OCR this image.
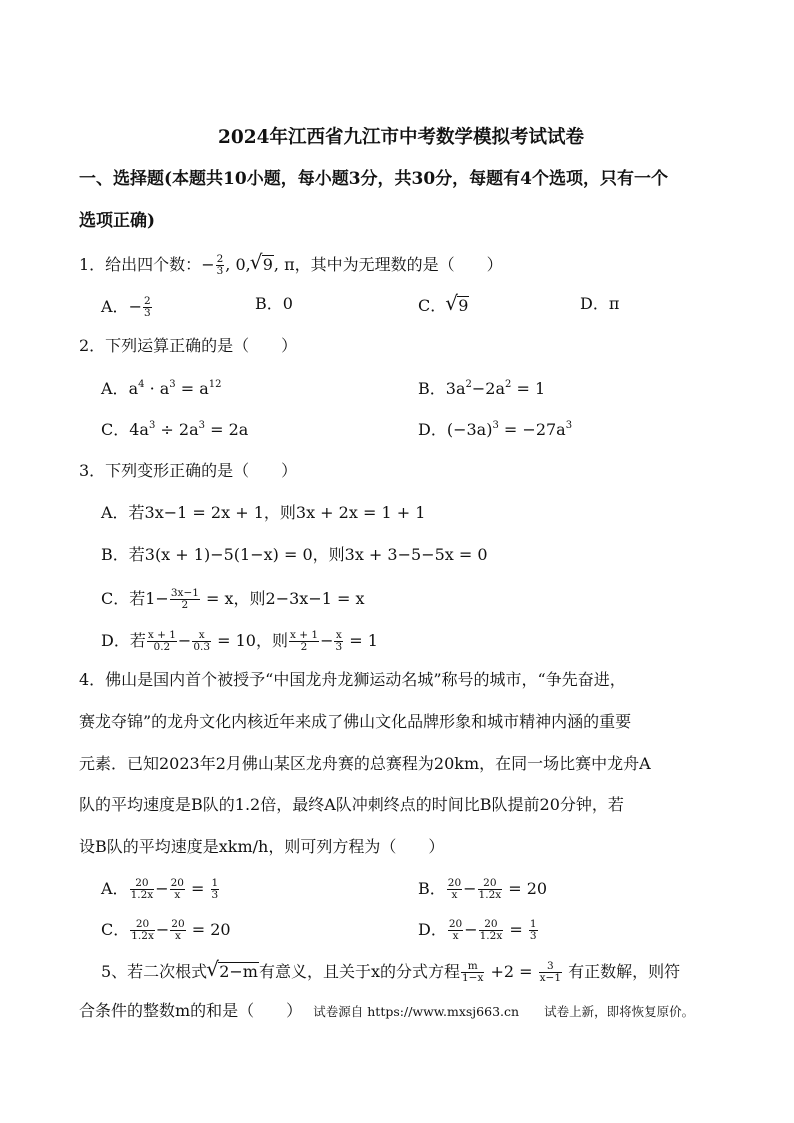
2024年江西省九江市中考数学模拟考试试卷
一、选择题(本题共10小题，每小题3分，共30分，每题有4个选项，只有一个
选项正确)
1．给出四个数：− $\frac{2}{3}$ , 0, √ 9, π，其中为无理数的是（　　）
A．− $\frac{2}{3}$	B．0	C． √ 9	D．π
2．下列运算正确的是（　　）
A．$a^4 \cdot a^3 = a^{12}$	B．$3a^2-2a^2 = 1$
C．$4a^3 \div 2a^3 = 2a$	D．$(-3a)^3 = -27a^3$
3．下列变形正确的是（　　）
A．若3x−1 = 2x + 1，则3x + 2x = 1 + 1
B．若3(x + 1)−5(1−x) = 0，则3x + 3−5−5x = 0
C．若$1- \frac{3x-1}{2} = x$，则2−3x−1 = x
D．若 $\frac{x + 1}{0.2} - \frac{x}{0.3} = 10$，则 $\frac{x + 1}{2} - \frac{x}{3} = 1$
4．佛山是国内首个被授予“中国龙舟龙狮运动名城”称号的城市，“争先奋进，
赛龙夺锦”的龙舟文化内核近年来成了佛山文化品牌形象和城市精神内涵的重要
元素．已知2023年2月佛山某区龙舟赛的总赛程为20km，在同一场比赛中龙舟A
队的平均速度是B队的1.2倍，最终A队冲刺终点的时间比B队提前20分钟，若
设B队的平均速度是xkm/h，则可列方程为（　　）
A． $\frac{20}{1.2x} - \frac{20}{x} = \frac{1}{3}$	B． $\frac{20}{x} - \frac{20}{1.2x} = 20$
C． $\frac{20}{1.2x} - \frac{20}{x} = 20$	D． $\frac{20}{x} - \frac{20}{1.2x} = \frac{1}{3}$
5、若二次根式 √ 2−m有意义，且关于x的分式方程 $\frac{m}{1-x} +2 = \frac{3}{x-1}$ 有正数解，则符
合条件的整数m的和是（　　） 试卷源自 https://www.mxsj663.cn　　试卷上新，即将恢复原价。
